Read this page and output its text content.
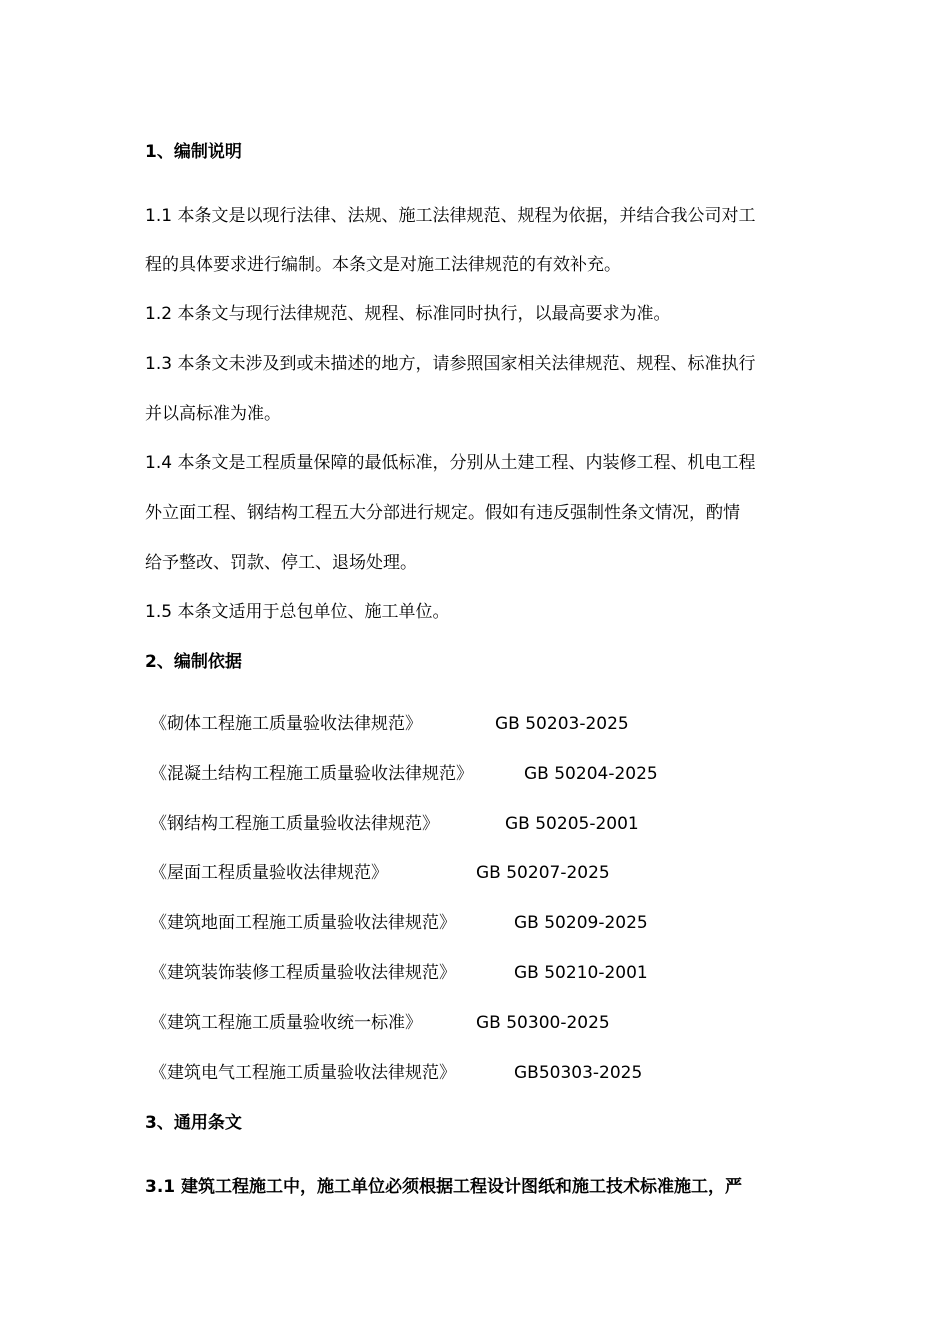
1、编制说明
1.1 本条文是以现行法律、法规、施工法律规范、规程为依据，并结合我公司对工
程的具体要求进行编制。本条文是对施工法律规范的有效补充。
1.2 本条文与现行法律规范、规程、标准同时执行，以最高要求为准。
1.3 本条文未涉及到或未描述的地方，请参照国家相关法律规范、规程、标准执行
并以高标准为准。
1.4 本条文是工程质量保障的最低标准，分别从土建工程、内装修工程、机电工程
外立面工程、钢结构工程五大分部进行规定。假如有违反强制性条文情况，酌情
给予整改、罚款、停工、退场处理。
1.5 本条文适用于总包单位、施工单位。
2、编制依据
《砌体工程施工质量验收法律规范》	GB 50203-2025
《混凝土结构工程施工质量验收法律规范》	GB 50204-2025
《钢结构工程施工质量验收法律规范》	GB 50205-2001
《屋面工程质量验收法律规范》	GB 50207-2025
《建筑地面工程施工质量验收法律规范》	GB 50209-2025
《建筑装饰装修工程质量验收法律规范》	GB 50210-2001
《建筑工程施工质量验收统一标准》	GB 50300-2025
《建筑电气工程施工质量验收法律规范》	GB50303-2025
3、通用条文
3.1 建筑工程施工中，施工单位必须根据工程设计图纸和施工技术标准施工，严
